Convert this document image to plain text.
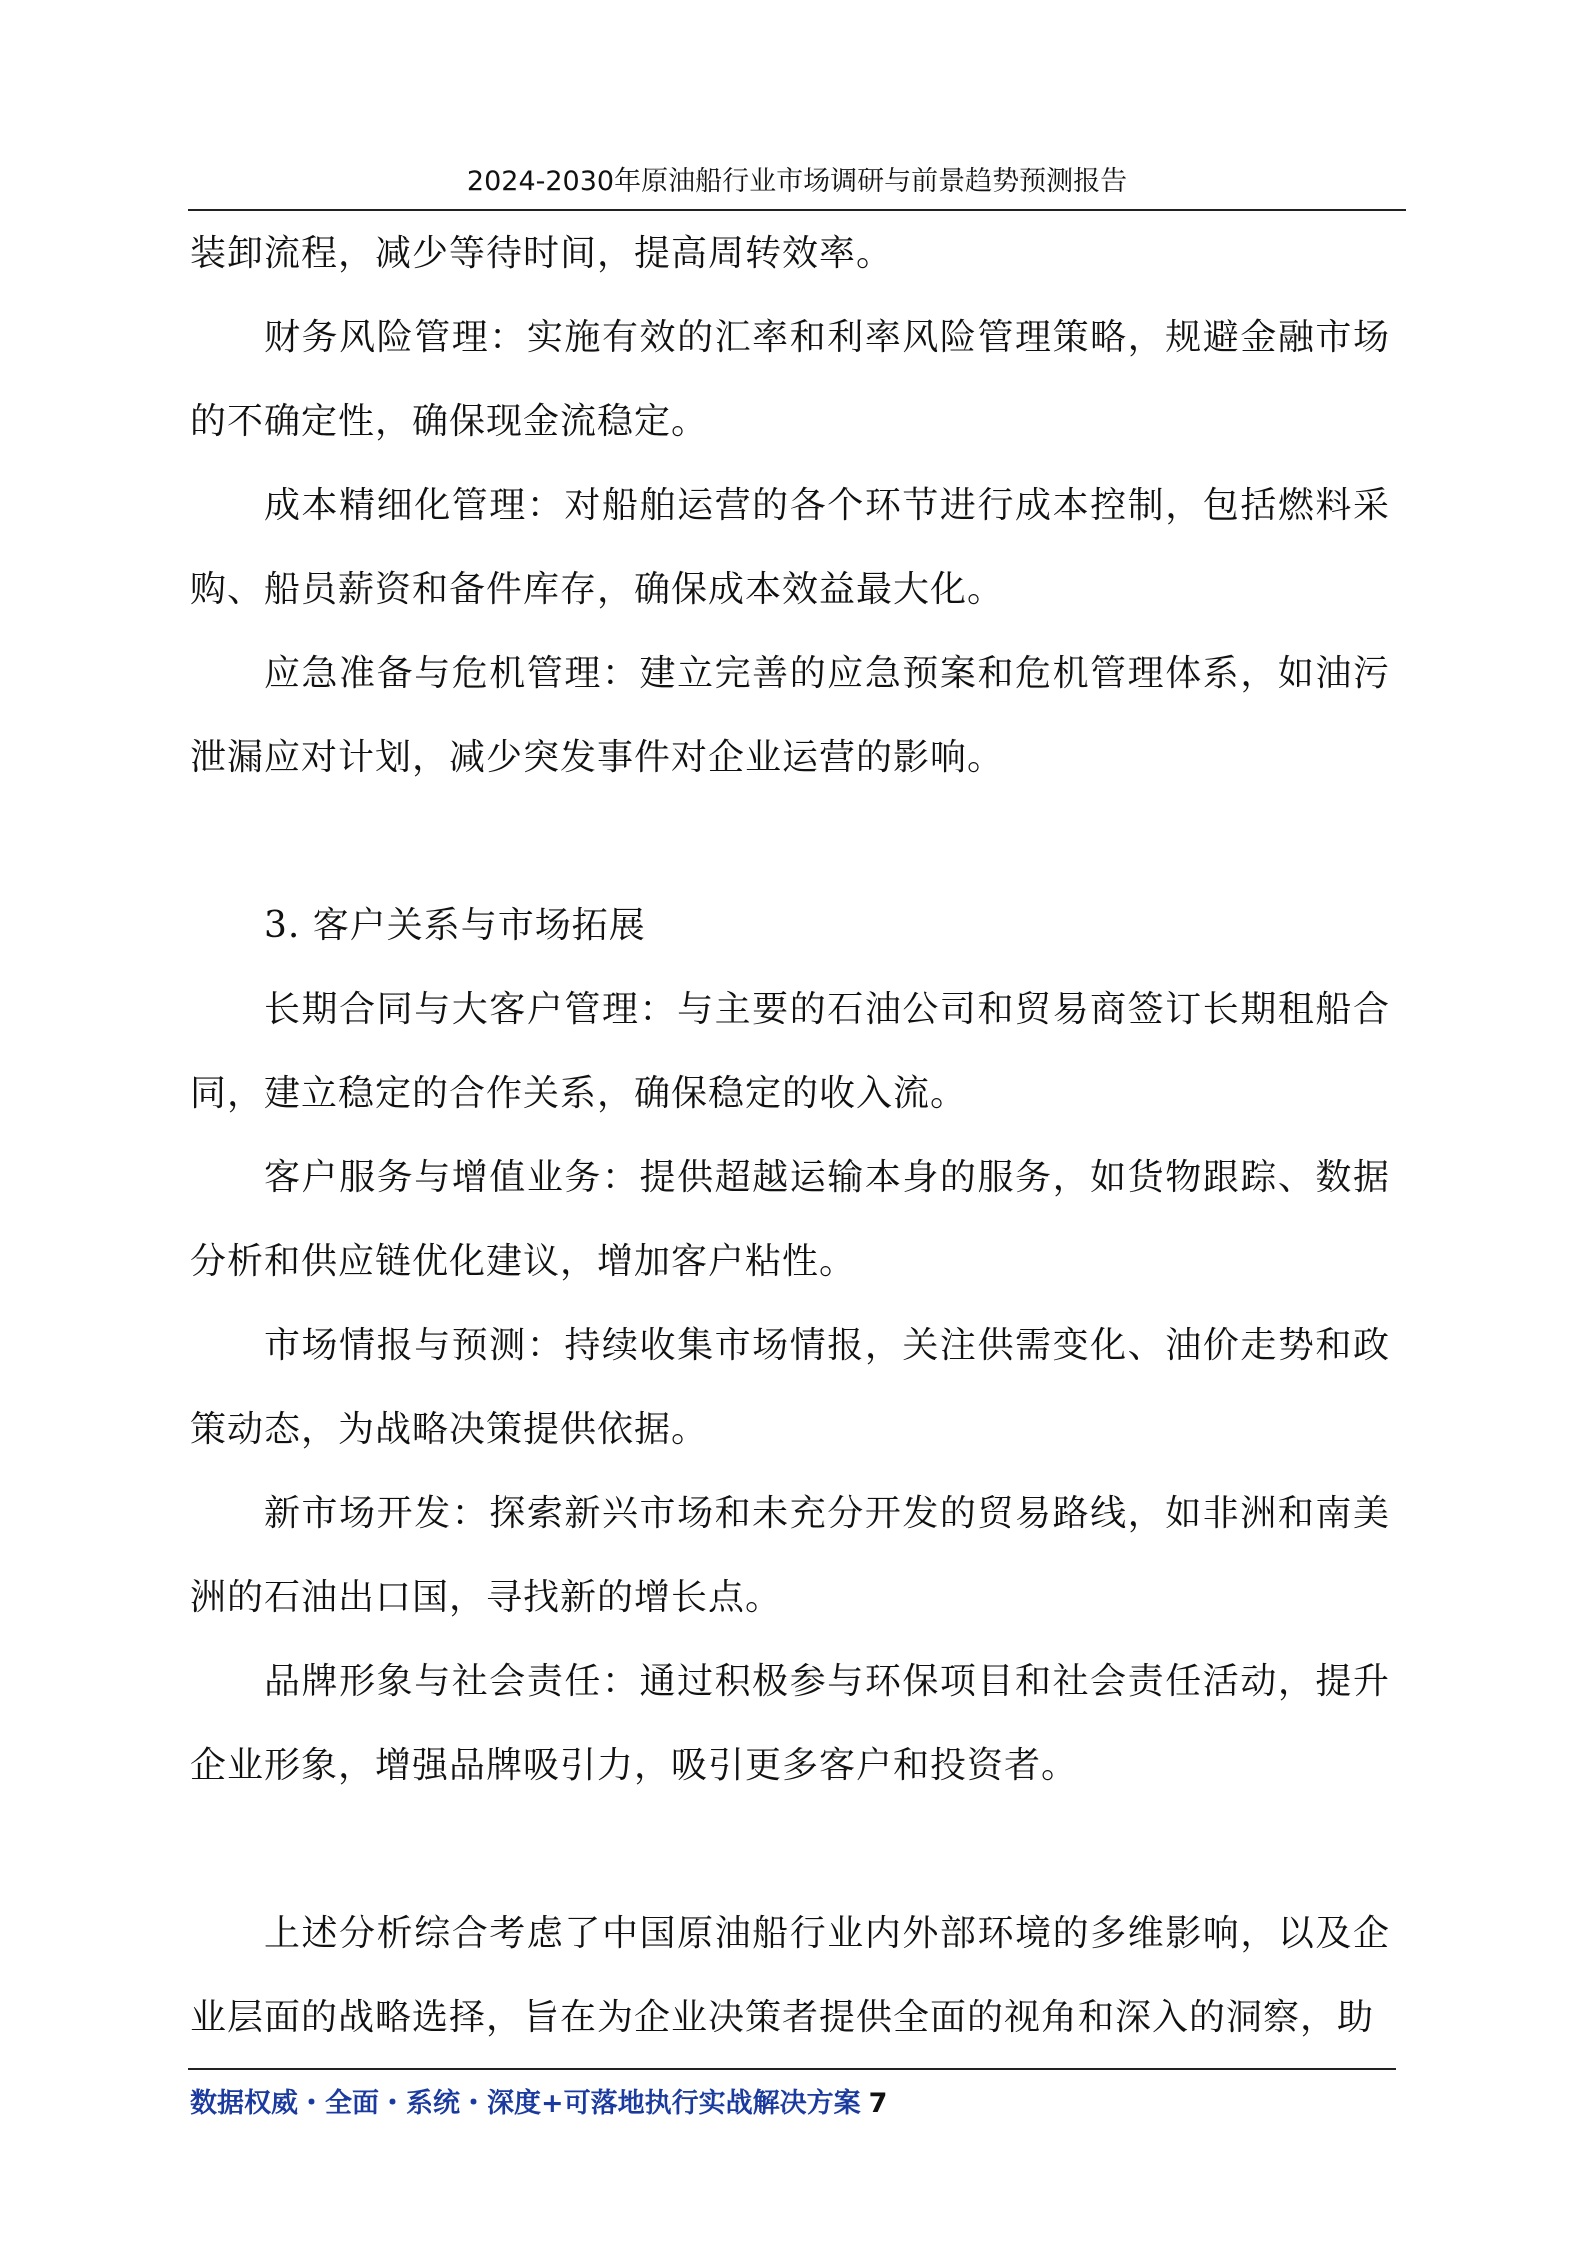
2024-2030年原油船行业市场调研与前景趋势预测报告

装卸流程，减少等待时间，提高周转效率。

财务风险管理：实施有效的汇率和利率风险管理策略，规避金融市场的不确定性，确保现金流稳定。

成本精细化管理：对船舶运营的各个环节进行成本控制，包括燃料采购、船员薪资和备件库存，确保成本效益最大化。

应急准备与危机管理：建立完善的应急预案和危机管理体系，如油污泄漏应对计划，减少突发事件对企业运营的影响。

3. 客户关系与市场拓展

长期合同与大客户管理：与主要的石油公司和贸易商签订长期租船合同，建立稳定的合作关系，确保稳定的收入流。

客户服务与增值业务：提供超越运输本身的服务，如货物跟踪、数据分析和供应链优化建议，增加客户粘性。

市场情报与预测：持续收集市场情报，关注供需变化、油价走势和政策动态，为战略决策提供依据。

新市场开发：探索新兴市场和未充分开发的贸易路线，如非洲和南美洲的石油出口国，寻找新的增长点。

品牌形象与社会责任：通过积极参与环保项目和社会责任活动，提升企业形象，增强品牌吸引力，吸引更多客户和投资者。

上述分析综合考虑了中国原油船行业内外部环境的多维影响，以及企业层面的战略选择，旨在为企业决策者提供全面的视角和深入的洞察，助

数据权威・全面・系统・深度+可落地执行实战解决方案 7
